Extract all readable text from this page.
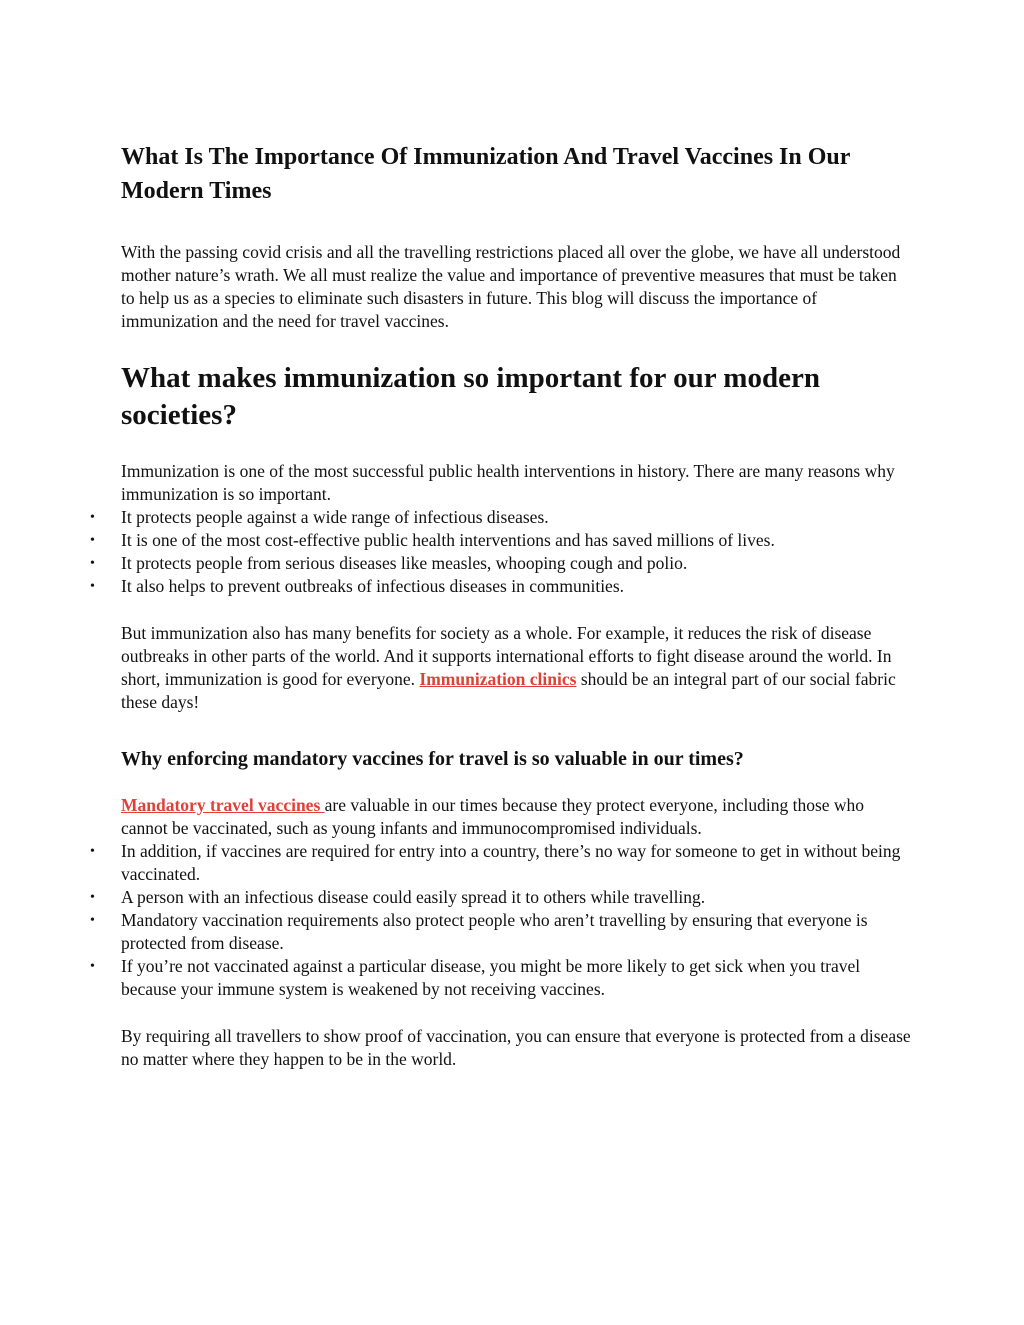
What Is The Importance Of Immunization And Travel Vaccines In Our Modern Times

With the passing covid crisis and all the travelling restrictions placed all over the globe, we have all understood mother nature’s wrath. We all must realize the value and importance of preventive measures that must be taken to help us as a species to eliminate such disasters in future. This blog will discuss the importance of immunization and the need for travel vaccines.

What makes immunization so important for our modern societies?

Immunization is one of the most successful public health interventions in history. There are many reasons why immunization is so important.

• It protects people against a wide range of infectious diseases.
• It is one of the most cost-effective public health interventions and has saved millions of lives.
• It protects people from serious diseases like measles, whooping cough and polio.
• It also helps to prevent outbreaks of infectious diseases in communities.

But immunization also has many benefits for society as a whole. For example, it reduces the risk of disease outbreaks in other parts of the world. And it supports international efforts to fight disease around the world. In short, immunization is good for everyone. Immunization clinics should be an integral part of our social fabric these days!

Why enforcing mandatory vaccines for travel is so valuable in our times?

Mandatory travel vaccines are valuable in our times because they protect everyone, including those who cannot be vaccinated, such as young infants and immunocompromised individuals.

• In addition, if vaccines are required for entry into a country, there’s no way for someone to get in without being vaccinated.
• A person with an infectious disease could easily spread it to others while travelling.
• Mandatory vaccination requirements also protect people who aren’t travelling by ensuring that everyone is protected from disease.
• If you’re not vaccinated against a particular disease, you might be more likely to get sick when you travel because your immune system is weakened by not receiving vaccines.

By requiring all travellers to show proof of vaccination, you can ensure that everyone is protected from a disease no matter where they happen to be in the world.
